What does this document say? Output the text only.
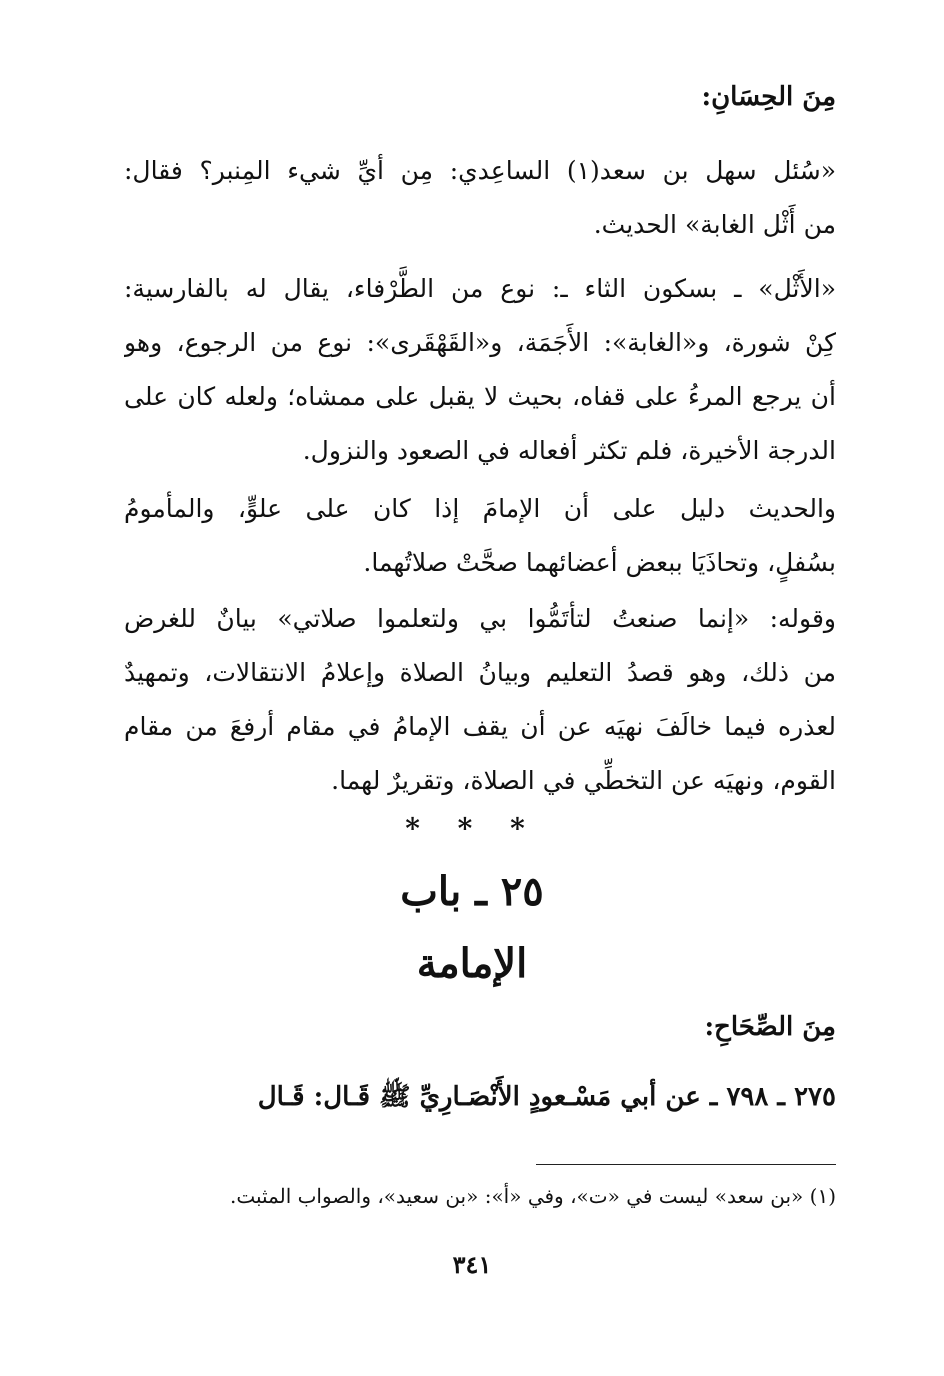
مِنَ الحِسَانِ:
«سُئل سهل بن سعد(١) الساعِدي: مِن أيِّ شيء المِنبر؟ فقال:
من أَثْل الغابة» الحديث.
«الأَثْل» ـ بسكون الثاء ـ: نوع من الطَّرْفاء، يقال له بالفارسية:
كِنْ شورة، و«الغابة»: الأَجَمَة، و«القَهْقَرى»: نوع من الرجوع، وهو
أن يرجع المرءُ على قفاه، بحيث لا يقبل على ممشاه؛ ولعله كان على
الدرجة الأخيرة، فلم تكثر أفعاله في الصعود والنزول.
والحديث دليل على أن الإمامَ إذا كان على علوٍّ، والمأمومُ
بسُفلٍ، وتحاذَيَا ببعض أعضائهما صحَّتْ صلاتُهما.
وقوله: «إنما صنعتُ لتأتَمُّوا بي ولتعلموا صلاتي» بيانٌ للغرض
من ذلك، وهو قصدُ التعليم وبيانُ الصلاة وإعلامُ الانتقالات، وتمهيدٌ
لعذره فيما خالَفَ نهيَه عن أن يقف الإمامُ في مقام أرفعَ من مقام
القوم، ونهيَه عن التخطِّي في الصلاة، وتقريرٌ لهما.
* * *
٢٥ ـ باب
الإمامة
مِنَ الصِّحَاحِ:
٢٧٥ ـ ٧٩٨ ـ عن أبي مَسْـعودٍ الأَنْصَـارِيِّ ﷺ قَـال: قَـال
(١) «بن سعد» ليست في «ت»، وفي «أ»: «بن سعيد»، والصواب المثبت.
٣٤١
